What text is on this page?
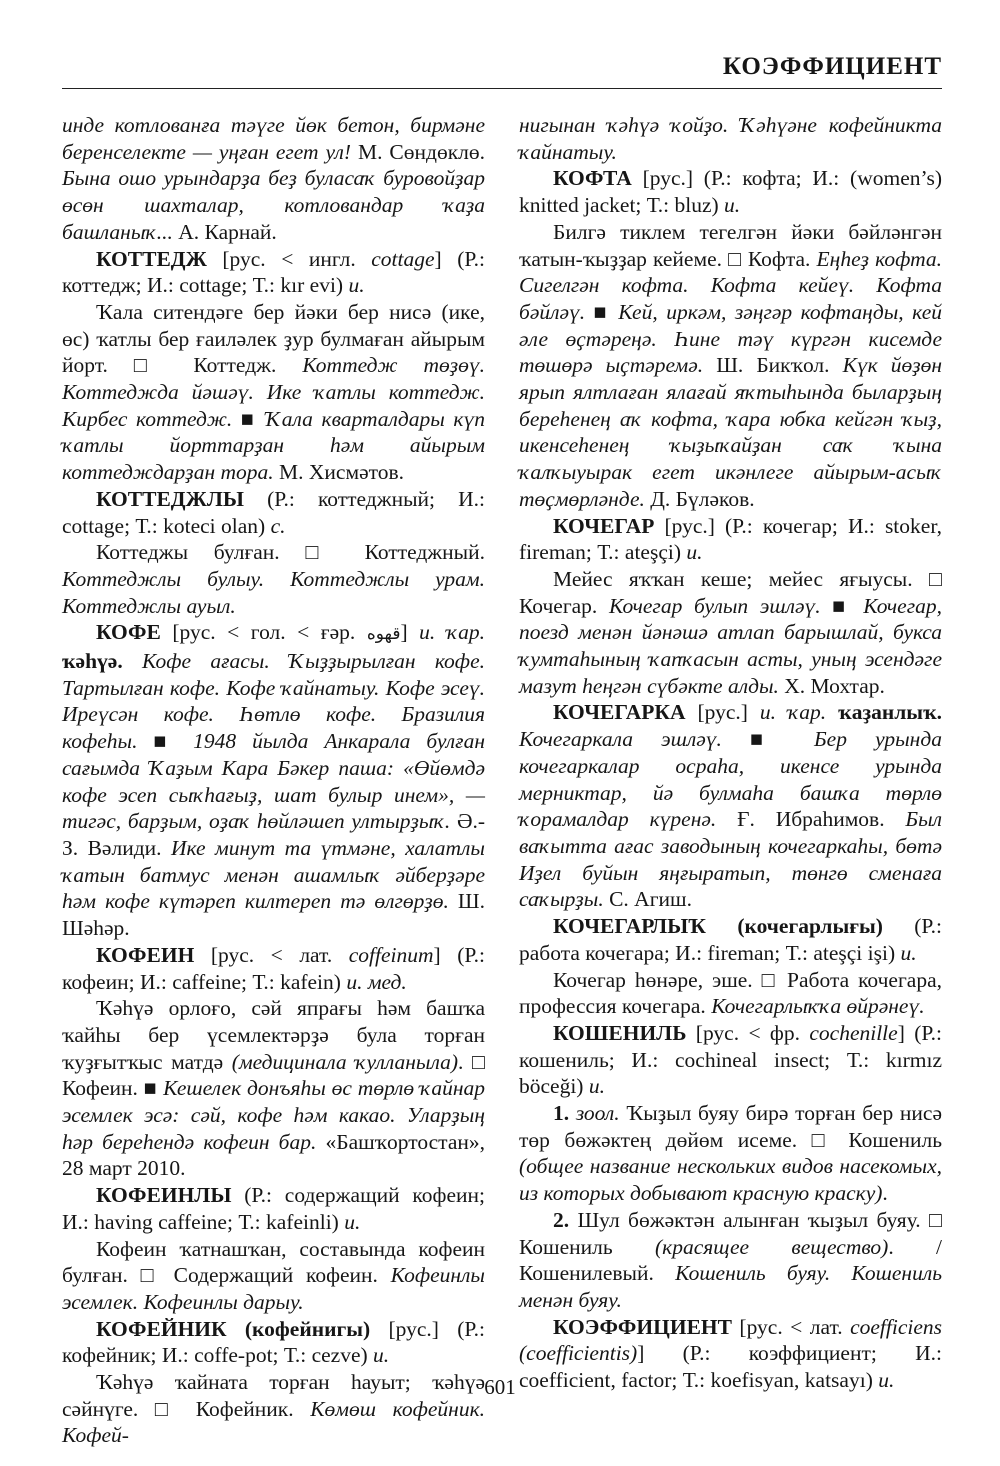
КОЭФФИЦИЕНТ

инде котлованға тәүге йөк бетон, бирмәне беренселекте — уңған егет ул! М. Сөндөклө. Бына ошо урындарҙа беҙ буласаҡ буровойҙар өсөн шахталар, котловандар ҡаҙа башланыҡ... А. Карнай.

КОТТЕДЖ [рус. < ингл. cottage] (Р.: коттедж; И.: cottage; Т.: kır evi) и.

Ҡала ситендәге бер йәки бер нисә (ике, өс) ҡатлы бер ғаиләлек ҙур булмаған айырым йорт. □ Коттедж. Коттедж төҙөү. Коттеджда йәшәү. Ике ҡатлы коттедж. Кирбес коттедж. ■ Ҡала кварталдары күп ҡатлы йорттарҙан һәм айырым коттедждарҙан тора. М. Хисмәтов.

КОТТЕДЖЛЫ (Р.: коттеджный; И.: cottage; Т.: koteci olan) с.

Коттеджы булған. □ Коттеджный. Коттеджлы булыу. Коттеджлы урам. Коттеджлы ауыл.

КОФЕ [рус. < гол. < ғәр. قهوه] и. ҡар. ҡәһүә. Кофе ағасы. Ҡыҙҙырылған кофе. Тартылған кофе. Кофе ҡайнатыу. Кофе эсеү. Иреүсән кофе. Һөтлө кофе. Бразилия кофеһы. ■ 1948 йылда Анкарала булған сағымда Ҡаҙым Кара Бәкер паша: «Өйөмдә кофе эсеп сыҡһағыҙ, шат булыр инем», — тигәс, барҙым, оҙаҡ һөйләшеп ултырҙыҡ. Ә.-З. Вәлиди. Ике минут та үтмәне, халатлы ҡатын батмус менән ашамлыҡ әйберҙәре һәм кофе күтәреп килтереп тә өлгөрҙө. Ш. Шәһәр.

КОФЕИН [рус. < лат. coffeinum] (Р.: кофеин; И.: caffeine; Т.: kafein) и. мед.

Ҡәһүә орлоғо, сәй япрағы һәм башҡа ҡайһы бер үсемлектәрҙә була торған ҡуҙғытҡыс матдә (медицинала ҡулланыла). □ Кофеин. ■ Кешелек донъяһы өс төрлө ҡайнар эсемлек эсә: сәй, кофе һәм какао. Уларҙың һәр береһендә кофеин бар. «Башҡортостан», 28 март 2010.

КОФЕИНЛЫ (Р.: содержащий кофеин; И.: having caffeine; Т.: kafeinli) и.

Кофеин ҡатнашҡан, составында кофеин булған. □ Содержащий кофеин. Кофеинлы эсемлек. Кофеинлы дарыу.

КОФЕЙНИК (кофейнигы) [рус.] (Р.: кофейник; И.: coffe-pot; Т.: cezve) и.

Ҡәһүә ҡайната торған һауыт; ҡәһүә сәйнүге. □ Кофейник. Көмөш кофейник. Кофей-

нигынан ҡәһүә ҡойҙо. Ҡәһүәне кофейникта ҡайнатыу.

КОФТА [рус.] (Р.: кофта; И.: (women’s) knitted jacket; Т.: bluz) и.

Билгә тиклем тегелгән йәки бәйләнгән ҡатын-ҡыҙҙар кейеме. □ Кофта. Еңһеҙ кофта. Сигелгән кофта. Кофта кейеү. Кофта бәйләү. ■ Кей, иркәм, зәңгәр кофтаңды, кей әле өҫтәреңә. Һине тәү күргән кисемде төшөрә ыҫтәремә. Ш. Бикҡол. Күк йөҙөн ярып ялтлаған ялағай яҡтыһында быларҙың береһенең аҡ кофта, ҡара юбка кейгән ҡыҙ, икенсеһенең ҡыҙыҡайҙан саҡ ҡына ҡалҡыуырак егет икәнлеге айырым-асыҡ төҫмөрләнде. Д. Бүләков.

КОЧЕГАР [рус.] (Р.: кочегар; И.: stoker, fireman; Т.: ateşçi) и.

Мейес яҡҡан кеше; мейес яғыусы. □ Кочегар. Кочегар булып эшләү. ■ Кочегар, поезд менән йәнәшә атлап барышлай, букса ҡумтаһының ҡапҡасын асты, уның эсендәге мазут һеңгән сүбәкте алды. Х. Мохтар.

КОЧЕГАРКА [рус.] и. ҡар. ҡаҙанлыҡ. Кочегаркала эшләү. ■ Бер урында кочегаркалар осраһа, икенсе урында мерниктар, йә булмаһа башҡа төрлө ҡорамалдар күренә. Ғ. Ибраһимов. Был ваҡытта ағас заводының кочегаркаһы, бөтә Иҙел буйын яңғыратып, төнгө сменаға саҡырҙы. С. Агиш.

КОЧЕГАРЛЫҠ (кочегарлығы) (Р.: работа кочегара; И.: fireman; Т.: ateşçi işi) и.

Кочегар һөнәре, эше. □ Работа кочегара, профессия кочегара. Кочегарлыҡҡа өйрәнеү.

КОШЕНИЛЬ [рус. < фр. cochenille] (Р.: кошениль; И.: cochineal insect; Т.: kırmız böceği) и.

1. зоол. Ҡыҙыл буяу бирә торған бер нисә төр бөжәктең дөйөм исеме. □ Кошениль (общее название нескольких видов насекомых, из которых добывают красную краску).

2. Шул бөжәктән алынған ҡыҙыл буяу. □ Кошениль (красящее вещество). / Кошенилевый. Кошениль буяу. Кошениль менән буяу.

КОЭФФИЦИЕНТ [рус. < лат. coefficiens (coefficientis)] (Р.: коэффициент; И.: coefficient, factor; Т.: koefisyan, katsayı) и.

601
